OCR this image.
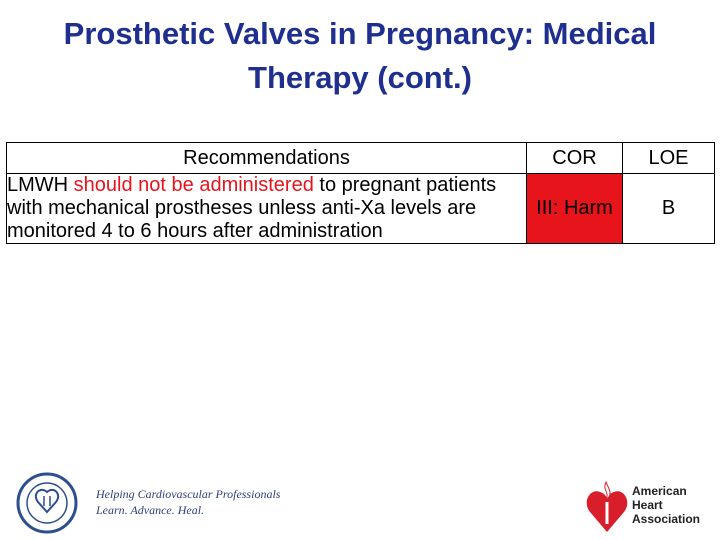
Prosthetic Valves in Pregnancy: Medical
Therapy (cont.)
Recommendations	COR	LOE
LMWH should not be administered to pregnant patients with mechanical prostheses unless anti-Xa levels are monitored 4 to 6 hours after administration	III: Harm	B
Helping Cardiovascular Professionals
Learn. Advance. Heal.
American
Heart
Association
